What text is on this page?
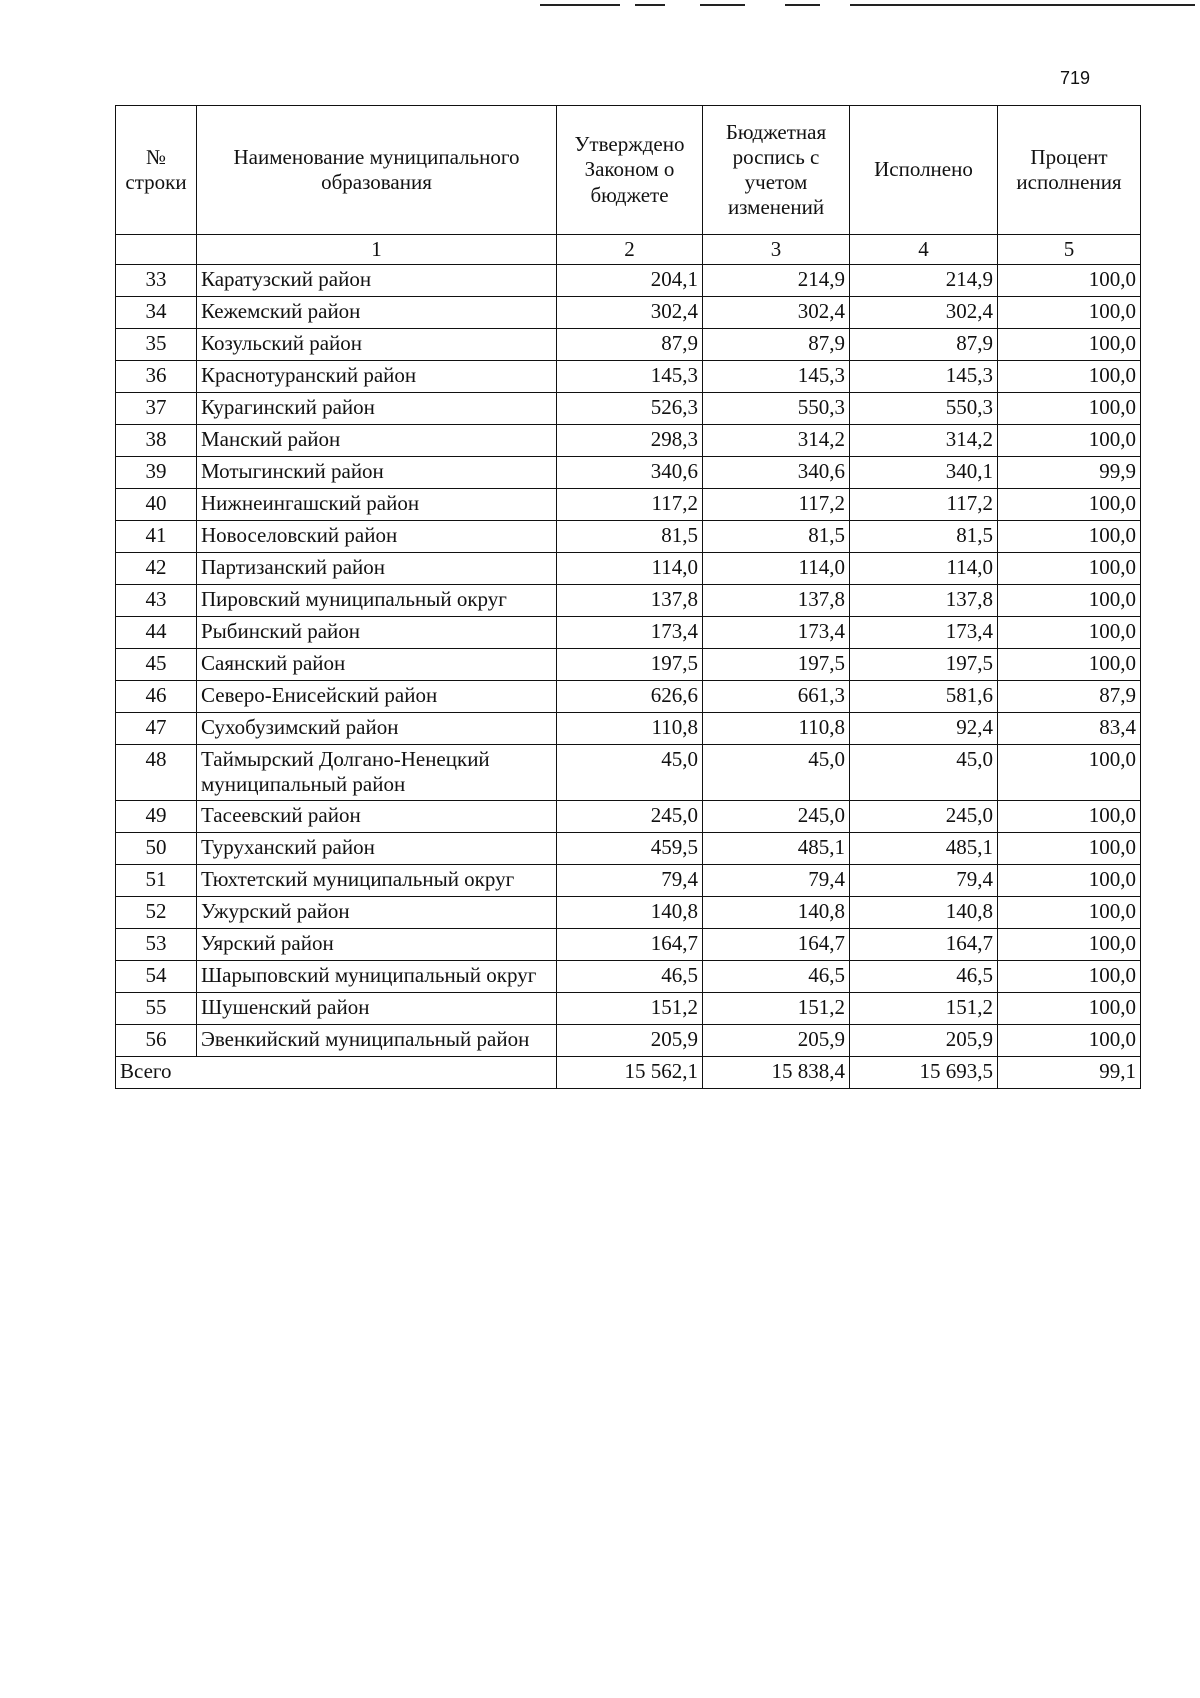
719
№ строки	Наименование муниципального образования	Утверждено Законом о бюджете	Бюджетная роспись с учетом изменений	Исполнено	Процент исполнения
	1	2	3	4	5
33	Каратузский район	204,1	214,9	214,9	100,0
34	Кежемский район	302,4	302,4	302,4	100,0
35	Козульский район	87,9	87,9	87,9	100,0
36	Краснотуранский район	145,3	145,3	145,3	100,0
37	Курагинский район	526,3	550,3	550,3	100,0
38	Манский район	298,3	314,2	314,2	100,0
39	Мотыгинский район	340,6	340,6	340,1	99,9
40	Нижнеингашский район	117,2	117,2	117,2	100,0
41	Новоселовский район	81,5	81,5	81,5	100,0
42	Партизанский район	114,0	114,0	114,0	100,0
43	Пировский муниципальный округ	137,8	137,8	137,8	100,0
44	Рыбинский район	173,4	173,4	173,4	100,0
45	Саянский район	197,5	197,5	197,5	100,0
46	Северо-Енисейский район	626,6	661,3	581,6	87,9
47	Сухобузимский район	110,8	110,8	92,4	83,4
48	Таймырский Долгано-Ненецкий муниципальный район	45,0	45,0	45,0	100,0
49	Тасеевский район	245,0	245,0	245,0	100,0
50	Туруханский район	459,5	485,1	485,1	100,0
51	Тюхтетский муниципальный округ	79,4	79,4	79,4	100,0
52	Ужурский район	140,8	140,8	140,8	100,0
53	Уярский район	164,7	164,7	164,7	100,0
54	Шарыповский муниципальный округ	46,5	46,5	46,5	100,0
55	Шушенский район	151,2	151,2	151,2	100,0
56	Эвенкийский муниципальный район	205,9	205,9	205,9	100,0
Всего		15 562,1	15 838,4	15 693,5	99,1
